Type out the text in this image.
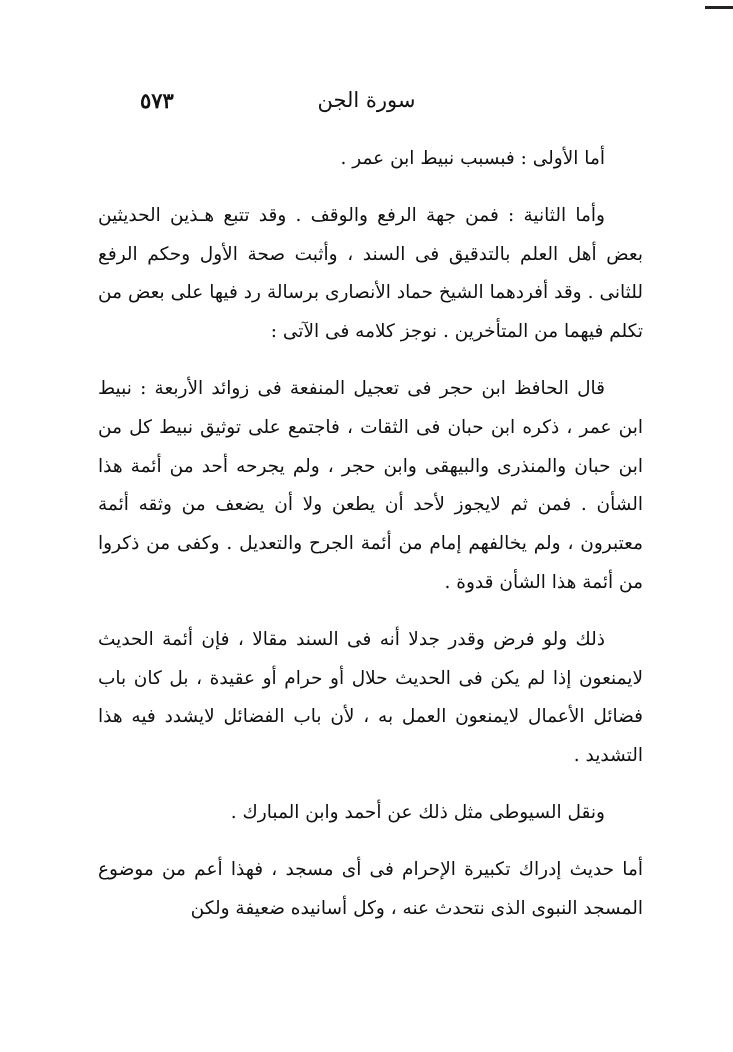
٥٧٣	سورة الجن

أما الأولى : فبسبب نبيط ابن عمر .

وأما الثانية : فمن جهة الرفع والوقف . وقد تتبع هـذين الحديثين بعض أهل العلم بالتدقيق فى السند ، وأثبت صحة الأول وحكم الرفع للثانى . وقد أفردهما الشيخ حماد الأنصارى برسالة رد فيها على بعض من تكلم فيهما من المتأخرين . نوجز كلامه فى الآتى :

قال الحافظ ابن حجر فى تعجيل المنفعة فى زوائد الأربعة : نبيط ابن عمر ، ذكره ابن حبان فى الثقات ، فاجتمع على توثيق نبيط كل من ابن حبان والمنذرى والبيهقى وابن حجر ، ولم يجرحه أحد من أئمة هذا الشأن . فمن ثم لايجوز لأحد أن يطعن ولا أن يضعف من وثقه أئمة معتبرون ، ولم يخالفهم إمام من أئمة الجرح والتعديل . وكفى من ذكروا من أئمة هذا الشأن قدوة .

ذلك ولو فرض وقدر جدلا أنه فى السند مقالا ، فإن أئمة الحديث لايمنعون إذا لم يكن فى الحديث حلال أو حرام أو عقيدة ، بل كان باب فضائل الأعمال لايمنعون العمل به ، لأن باب الفضائل لايشدد فيه هذا التشديد .

ونقل السيوطى مثل ذلك عن أحمد وابن المبارك .

أما حديث إدراك تكبيرة الإحرام فى أى مسجد ، فهذا أعم من موضوع المسجد النبوى الذى نتحدث عنه ، وكل أسانيده ضعيفة ولكن
